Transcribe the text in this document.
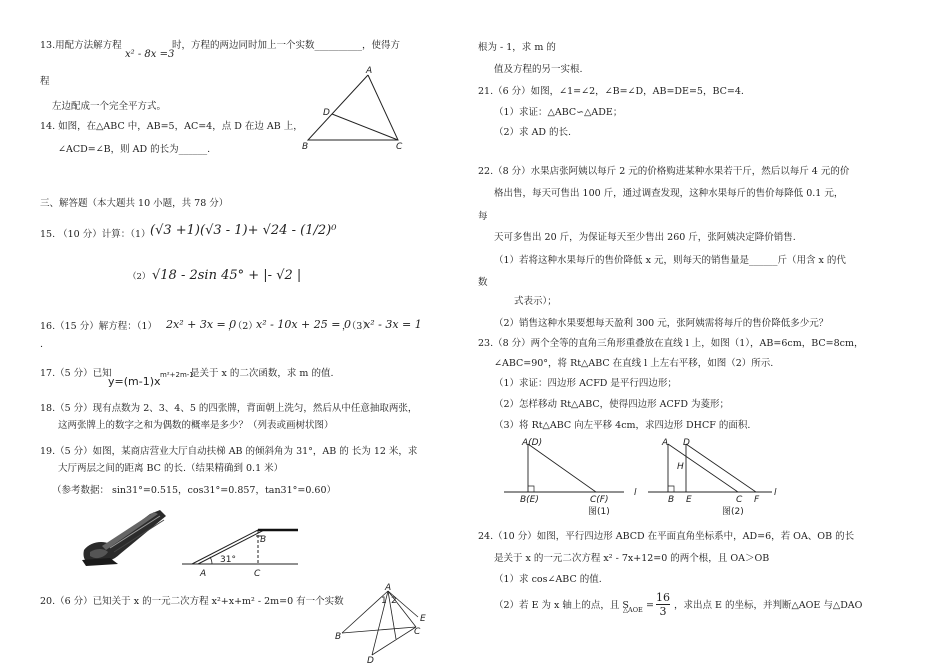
13.用配方法解方程
x² - 8x =3
时，方程的两边同时加上一个实数__________，使得方
程
左边配成一个完全平方式。
A
D
B	C
14. 如图，在△ABC 中，AB=5，AC=4，点 D 在边 AB 上，
∠ACD=∠B，则 AD 的长为______.
三、解答题（本大题共 10 小题，共 78 分）
15. （10 分）计算：（1） (√3 +1)(√3 - 1)+ √24 - (1/2)⁰
（2） √18 - 2sin 45° + |- √2 |
16.（15 分）解方程：（1） 2x² + 3x = 0
，（2）
x² - 10x + 25 = 0
，（3）
x² - 3x = 1
.
17.（5 分）已知
y=(m-1)x m²+2m-1
是关于 x 的二次函数，求 m 的值.
18.（5 分）现有点数为 2、3、4、5 的四张牌，背面朝上洗匀，然后从中任意抽取两张，
这两张牌上的数字之和为偶数的概率是多少？（列表或画树状图）
19.（5 分）如图，某商店营业大厅自动扶梯 AB 的倾斜角为 31°，AB 的 长为 12 米，求
大厅两层之间的距离 BC 的长.（结果精确到 0.1 米）
（参考数据： sin31°=0.515，cos31°=0.857，tan31°=0.60）
B
31°
A	C
20.（6 分）已知关于 x 的一元二次方程 x²+x+m² - 2m=0 有一个实数
A
B	C
D
E
1 2
根为 - 1，求 m 的
值及方程的另一实根.
21.（6 分）如图，∠1=∠2，∠B=∠D，AB=DE=5，BC=4.
（1）求证：△ABC∽△ADE；
（2）求 AD 的长.
22.（8 分）水果店张阿姨以每斤 2 元的价格购进某种水果若干斤，然后以每斤 4 元的价
格出售，每天可售出 100 斤，通过调查发现，这种水果每斤的售价每降低 0.1 元，
每
天可多售出 20 斤，为保证每天至少售出 260 斤，张阿姨决定降价销售.
（1）若将这种水果每斤的售价降低 x 元，则每天的销售量是______斤（用含 x 的代
数
式表示）；
（2）销售这种水果要想每天盈利 300 元，张阿姨需将每斤的售价降低多少元？
23.（8 分）两个全等的直角三角形重叠放在直线 l 上，如图（1），AB=6cm，BC=8cm，
∠ABC=90°，将 Rt△ABC 在直线 l 上左右平移，如图（2）所示.
（1）求证：四边形 ACFD 是平行四边形；
（2）怎样移动 Rt△ABC，使得四边形 ACFD 为菱形；
（3）将 Rt△ABC 向左平移 4cm，求四边形 DHCF 的面积.
A(D)
B(E)	C(F)
l
图(1)
A D
H
B E	C F
l
图(2)
24.（10 分）如图，平行四边形 ABCD 在平面直角坐标系中，AD=6，若 OA、OB 的长
是关于 x 的一元二次方程 x² - 7x+12=0 的两个根，且 OA＞OB
（1）求 cos∠ABC 的值.
（2）若 E 为 x 轴上的点，且 S
△AOE = $\frac{16}{3}$ ，求出点 E 的坐标，并判断△AOE 与△DAO
